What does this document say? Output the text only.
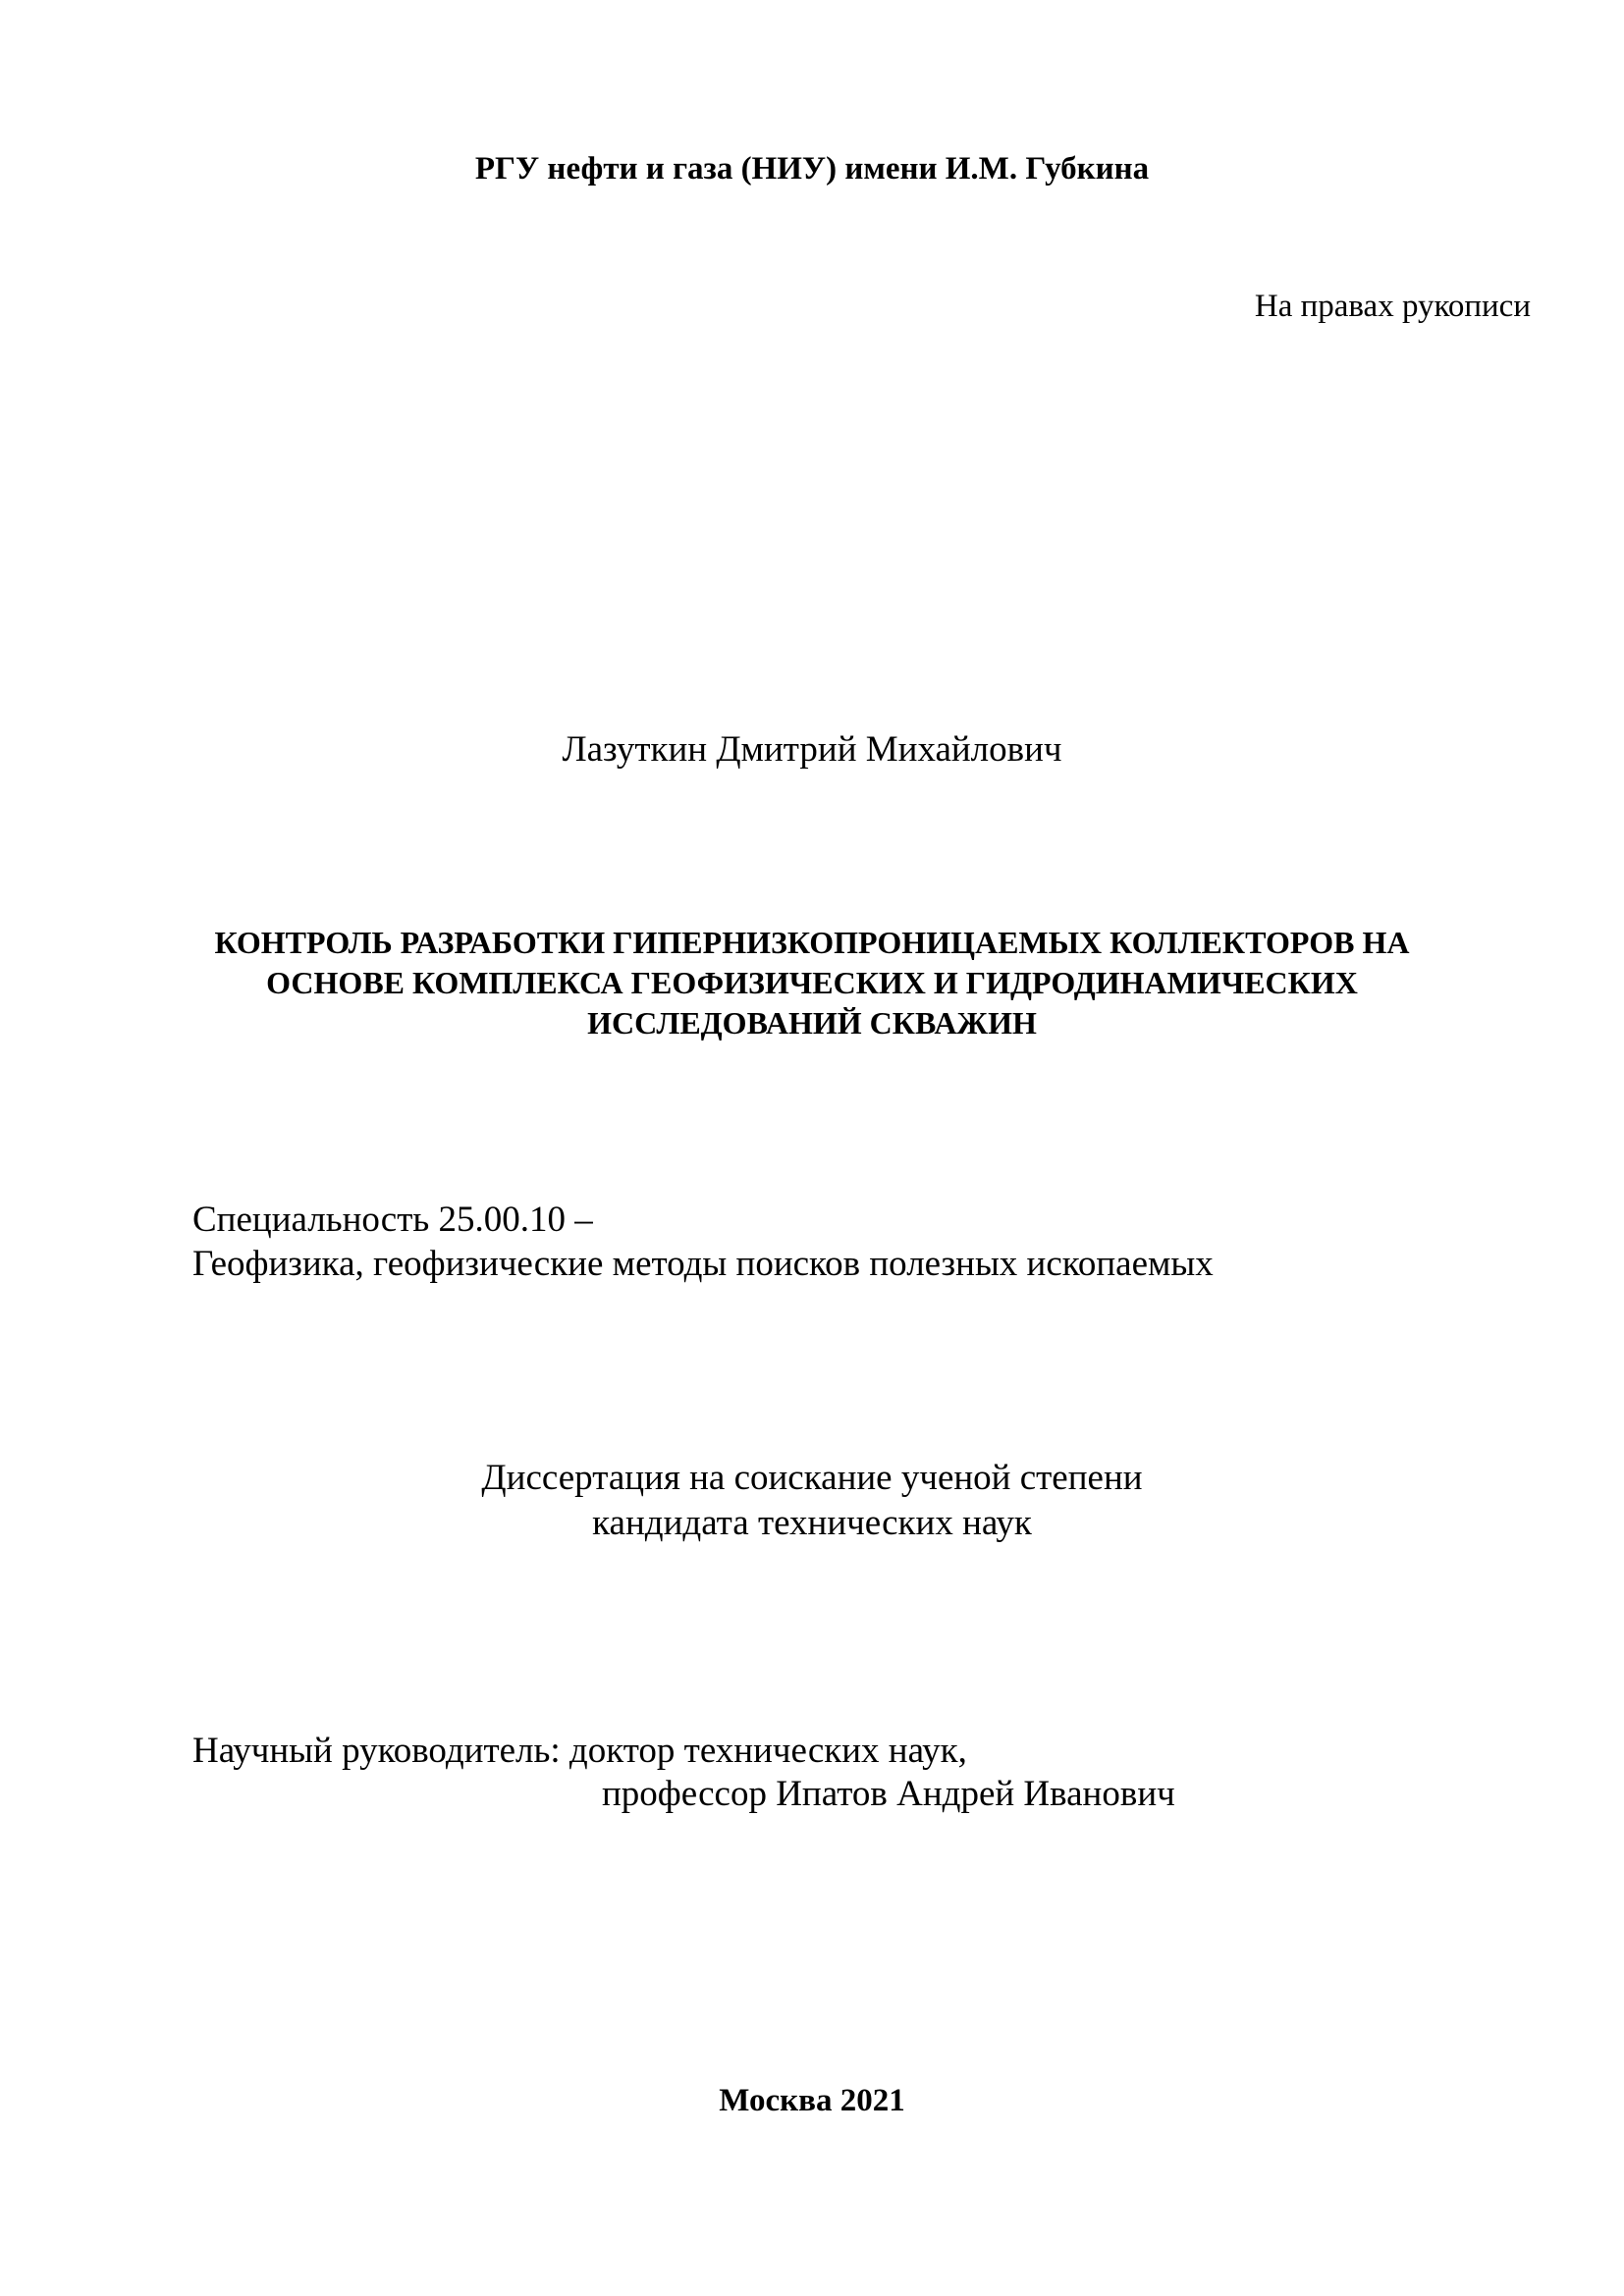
РГУ нефти и газа (НИУ) имени И.М. Губкина
На правах рукописи
Лазуткин Дмитрий Михайлович
КОНТРОЛЬ РАЗРАБОТКИ ГИПЕРНИЗКОПРОНИЦАЕМЫХ КОЛЛЕКТОРОВ НА
ОСНОВЕ КОМПЛЕКСА ГЕОФИЗИЧЕСКИХ И ГИДРОДИНАМИЧЕСКИХ
ИССЛЕДОВАНИЙ СКВАЖИН
Специальность 25.00.10 –
Геофизика, геофизические методы поисков полезных ископаемых
Диссертация на соискание ученой степени
кандидата технических наук
Научный руководитель: доктор технических наук,
профессор Ипатов Андрей Иванович
Москва 2021
